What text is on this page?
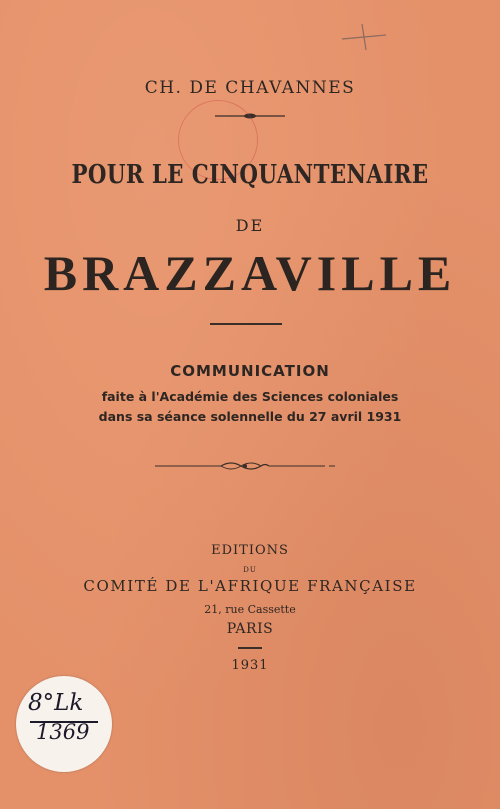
CH. DE CHAVANNES
POUR LE CINQUANTENAIRE
DE
BRAZZAVILLE
COMMUNICATION
faite à l'Académie des Sciences coloniales
dans sa séance solennelle du 27 avril 1931
EDITIONS
DU
COMITÉ DE L'AFRIQUE FRANÇAISE
21, rue Cassette
PARIS
1931
8°Lk
1369
